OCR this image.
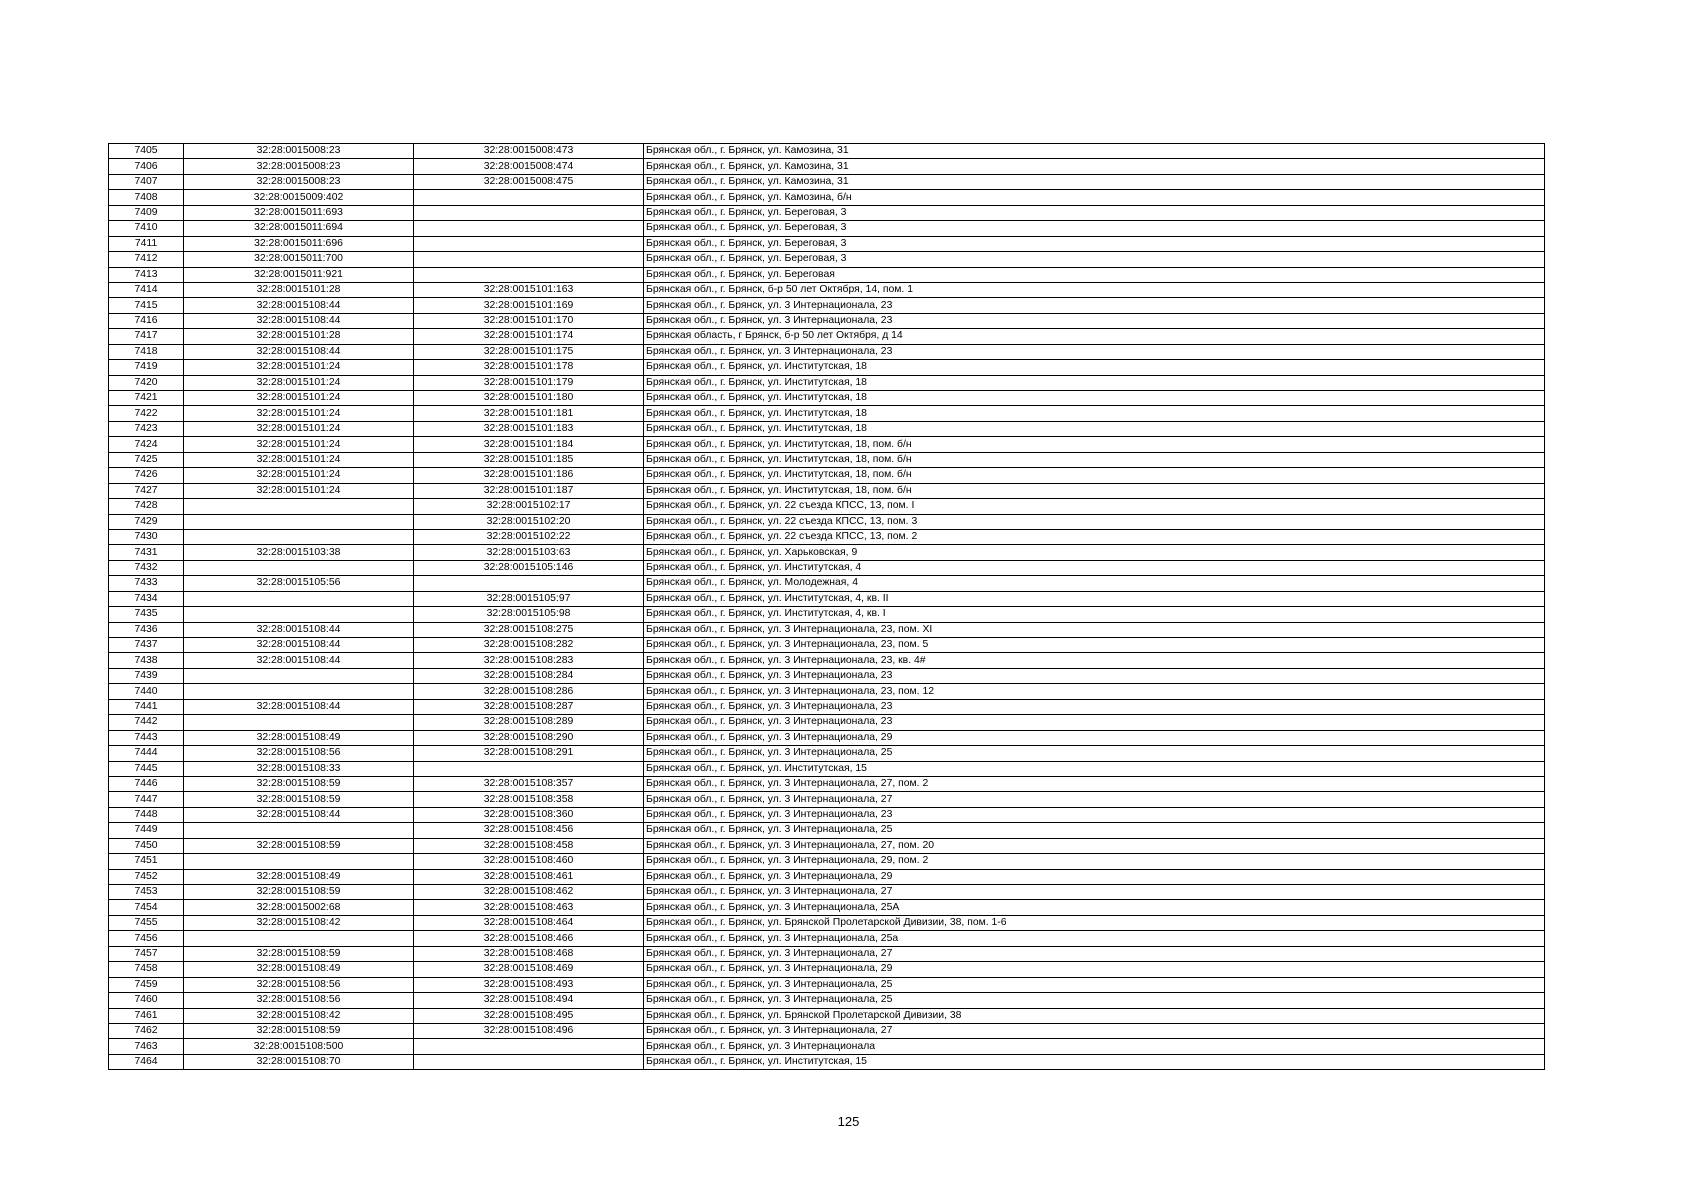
7405	32:28:0015008:23	32:28:0015008:473	Брянская обл., г. Брянск, ул. Камозина, 31
7406	32:28:0015008:23	32:28:0015008:474	Брянская обл., г. Брянск, ул. Камозина, 31
7407	32:28:0015008:23	32:28:0015008:475	Брянская обл., г. Брянск, ул. Камозина, 31
7408	32:28:0015009:402		Брянская обл., г. Брянск, ул. Камозина, б/н
7409	32:28:0015011:693		Брянская обл., г. Брянск, ул. Береговая, 3
7410	32:28:0015011:694		Брянская обл., г. Брянск, ул. Береговая, 3
7411	32:28:0015011:696		Брянская обл., г. Брянск, ул. Береговая, 3
7412	32:28:0015011:700		Брянская обл., г. Брянск, ул. Береговая, 3
7413	32:28:0015011:921		Брянская обл., г. Брянск, ул. Береговая
7414	32:28:0015101:28	32:28:0015101:163	Брянская обл., г. Брянск, б-р 50 лет Октября, 14, пом. 1
7415	32:28:0015108:44	32:28:0015101:169	Брянская обл., г. Брянск, ул. 3 Интернационала, 23
7416	32:28:0015108:44	32:28:0015101:170	Брянская обл., г. Брянск, ул. 3 Интернационала, 23
7417	32:28:0015101:28	32:28:0015101:174	Брянская область, г Брянск, б-р 50 лет Октября, д 14
7418	32:28:0015108:44	32:28:0015101:175	Брянская обл., г. Брянск, ул. 3 Интернационала, 23
7419	32:28:0015101:24	32:28:0015101:178	Брянская обл., г. Брянск, ул. Институтская, 18
7420	32:28:0015101:24	32:28:0015101:179	Брянская обл., г. Брянск, ул. Институтская, 18
7421	32:28:0015101:24	32:28:0015101:180	Брянская обл., г. Брянск, ул. Институтская, 18
7422	32:28:0015101:24	32:28:0015101:181	Брянская обл., г. Брянск, ул. Институтская, 18
7423	32:28:0015101:24	32:28:0015101:183	Брянская обл., г. Брянск, ул. Институтская, 18
7424	32:28:0015101:24	32:28:0015101:184	Брянская обл., г. Брянск, ул. Институтская, 18, пом. б/н
7425	32:28:0015101:24	32:28:0015101:185	Брянская обл., г. Брянск, ул. Институтская, 18, пом. б/н
7426	32:28:0015101:24	32:28:0015101:186	Брянская обл., г. Брянск, ул. Институтская, 18, пом. б/н
7427	32:28:0015101:24	32:28:0015101:187	Брянская обл., г. Брянск, ул. Институтская, 18, пом. б/н
7428		32:28:0015102:17	Брянская обл., г. Брянск, ул. 22 съезда КПСС, 13, пом. I
7429		32:28:0015102:20	Брянская обл., г. Брянск, ул. 22 съезда КПСС, 13, пом. 3
7430		32:28:0015102:22	Брянская обл., г. Брянск, ул. 22 съезда КПСС, 13, пом. 2
7431	32:28:0015103:38	32:28:0015103:63	Брянская обл., г. Брянск, ул. Харьковская, 9
7432		32:28:0015105:146	Брянская обл., г. Брянск, ул. Институтская, 4
7433	32:28:0015105:56		Брянская обл., г. Брянск, ул. Молодежная, 4
7434		32:28:0015105:97	Брянская обл., г. Брянск, ул. Институтская, 4, кв. II
7435		32:28:0015105:98	Брянская обл., г. Брянск, ул. Институтская, 4, кв. I
7436	32:28:0015108:44	32:28:0015108:275	Брянская обл., г. Брянск, ул. 3 Интернационала, 23, пом. XI
7437	32:28:0015108:44	32:28:0015108:282	Брянская обл., г. Брянск, ул. 3 Интернационала, 23, пом. 5
7438	32:28:0015108:44	32:28:0015108:283	Брянская обл., г. Брянск, ул. 3 Интернационала, 23, кв. 4#
7439		32:28:0015108:284	Брянская обл., г. Брянск, ул. 3 Интернационала, 23
7440		32:28:0015108:286	Брянская обл., г. Брянск, ул. 3 Интернационала, 23, пом. 12
7441	32:28:0015108:44	32:28:0015108:287	Брянская обл., г. Брянск, ул. 3 Интернационала, 23
7442		32:28:0015108:289	Брянская обл., г. Брянск, ул. 3 Интернационала, 23
7443	32:28:0015108:49	32:28:0015108:290	Брянская обл., г. Брянск, ул. 3 Интернационала, 29
7444	32:28:0015108:56	32:28:0015108:291	Брянская обл., г. Брянск, ул. 3 Интернационала, 25
7445	32:28:0015108:33		Брянская обл., г. Брянск, ул. Институтская, 15
7446	32:28:0015108:59	32:28:0015108:357	Брянская обл., г. Брянск, ул. 3 Интернационала, 27, пом. 2
7447	32:28:0015108:59	32:28:0015108:358	Брянская обл., г. Брянск, ул. 3 Интернационала, 27
7448	32:28:0015108:44	32:28:0015108:360	Брянская обл., г. Брянск, ул. 3 Интернационала, 23
7449		32:28:0015108:456	Брянская обл., г. Брянск, ул. 3 Интернационала, 25
7450	32:28:0015108:59	32:28:0015108:458	Брянская обл., г. Брянск, ул. 3 Интернационала, 27, пом. 20
7451		32:28:0015108:460	Брянская обл., г. Брянск, ул. 3 Интернационала, 29, пом. 2
7452	32:28:0015108:49	32:28:0015108:461	Брянская обл., г. Брянск, ул. 3 Интернационала, 29
7453	32:28:0015108:59	32:28:0015108:462	Брянская обл., г. Брянск, ул. 3 Интернационала, 27
7454	32:28:0015002:68	32:28:0015108:463	Брянская обл., г. Брянск, ул. 3 Интернационала, 25А
7455	32:28:0015108:42	32:28:0015108:464	Брянская обл., г. Брянск, ул. Брянской Пролетарской Дивизии, 38, пом. 1-6
7456		32:28:0015108:466	Брянская обл., г. Брянск, ул. 3 Интернационала, 25а
7457	32:28:0015108:59	32:28:0015108:468	Брянская обл., г. Брянск, ул. 3 Интернационала, 27
7458	32:28:0015108:49	32:28:0015108:469	Брянская обл., г. Брянск, ул. 3 Интернационала, 29
7459	32:28:0015108:56	32:28:0015108:493	Брянская обл., г. Брянск, ул. 3 Интернационала, 25
7460	32:28:0015108:56	32:28:0015108:494	Брянская обл., г. Брянск, ул. 3 Интернационала, 25
7461	32:28:0015108:42	32:28:0015108:495	Брянская обл., г. Брянск, ул. Брянской Пролетарской Дивизии, 38
7462	32:28:0015108:59	32:28:0015108:496	Брянская обл., г. Брянск, ул. 3 Интернационала, 27
7463	32:28:0015108:500		Брянская обл., г. Брянск, ул. 3 Интернационала
7464	32:28:0015108:70		Брянская обл., г. Брянск, ул. Институтская, 15
125
